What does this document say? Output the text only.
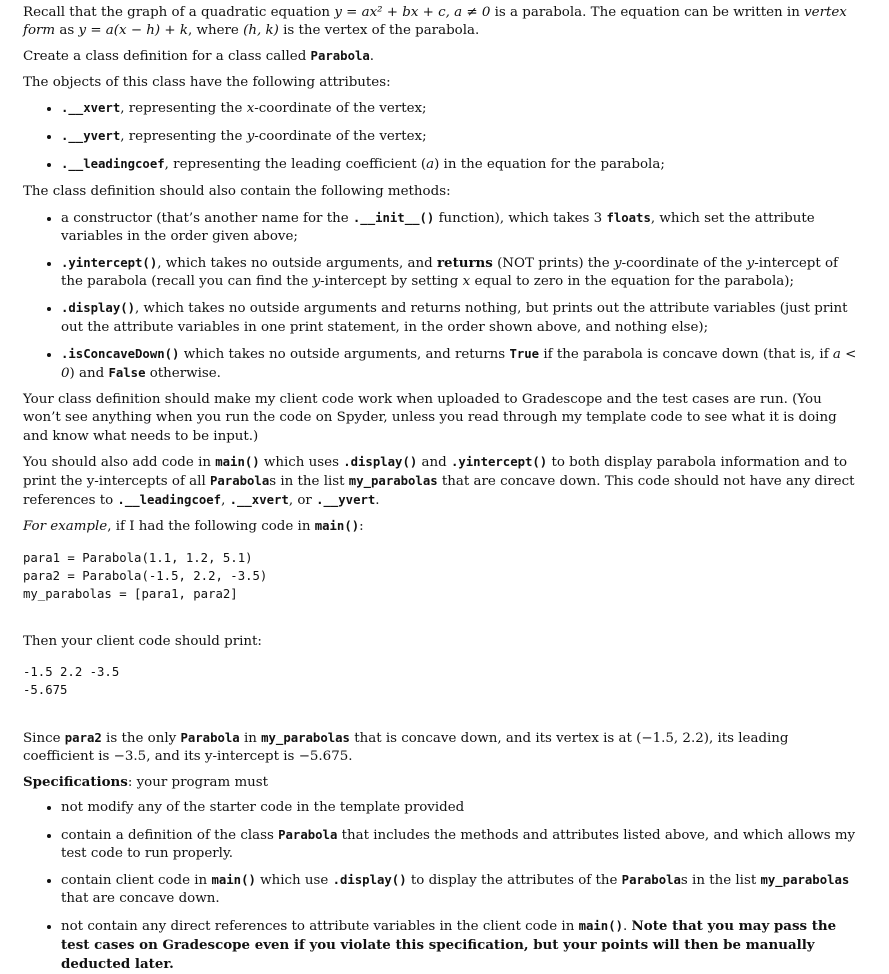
Recall that the graph of a quadratic equation y = ax² + bx + c, a ≠ 0 is a parabola. The equation can be written in vertex form as y = a(x − h) + k, where (h, k) is the vertex of the parabola.

Create a class definition for a class called Parabola.

The objects of this class have the following attributes:

• .__xvert, representing the x-coordinate of the vertex;
• .__yvert, representing the y-coordinate of the vertex;
• .__leadingcoef, representing the leading coefficient (a) in the equation for the parabola;

The class definition should also contain the following methods:

• a constructor (that’s another name for the .__init__() function), which takes 3 floats, which set the attribute variables in the order given above;
• .yintercept(), which takes no outside arguments, and returns (NOT prints) the y-coordinate of the y-intercept of the parabola (recall you can find the y-intercept by setting x equal to zero in the equation for the parabola);
• .display(), which takes no outside arguments and returns nothing, but prints out the attribute variables (just print out the attribute variables in one print statement, in the order shown above, and nothing else);
• .isConcaveDown() which takes no outside arguments, and returns True if the parabola is concave down (that is, if a < 0) and False otherwise.

Your class definition should make my client code work when uploaded to Gradescope and the test cases are run. (You won’t see anything when you run the code on Spyder, unless you read through my template code to see what it is doing and know what needs to be input.)

You should also add code in main() which uses .display() and .yintercept() to both display parabola information and to print the y-intercepts of all Parabolas in the list my_parabolas that are concave down. This code should not have any direct references to .__leadingcoef, .__xvert, or .__yvert.

For example, if I had the following code in main():

para1 = Parabola(1.1, 1.2, 5.1)
para2 = Parabola(-1.5, 2.2, -3.5)
my_parabolas = [para1, para2]

Then your client code should print:

-1.5 2.2 -3.5
-5.675

Since para2 is the only Parabola in my_parabolas that is concave down, and its vertex is at (−1.5, 2.2), its leading coefficient is −3.5, and its y-intercept is −5.675.

Specifications: your program must

• not modify any of the starter code in the template provided
• contain a definition of the class Parabola that includes the methods and attributes listed above, and which allows my test code to run properly.
• contain client code in main() which use .display() to display the attributes of the Parabolas in the list my_parabolas that are concave down.
• not contain any direct references to attribute variables in the client code in main(). Note that you may pass the test cases on Gradescope even if you violate this specification, but your points will then be manually deducted later.
